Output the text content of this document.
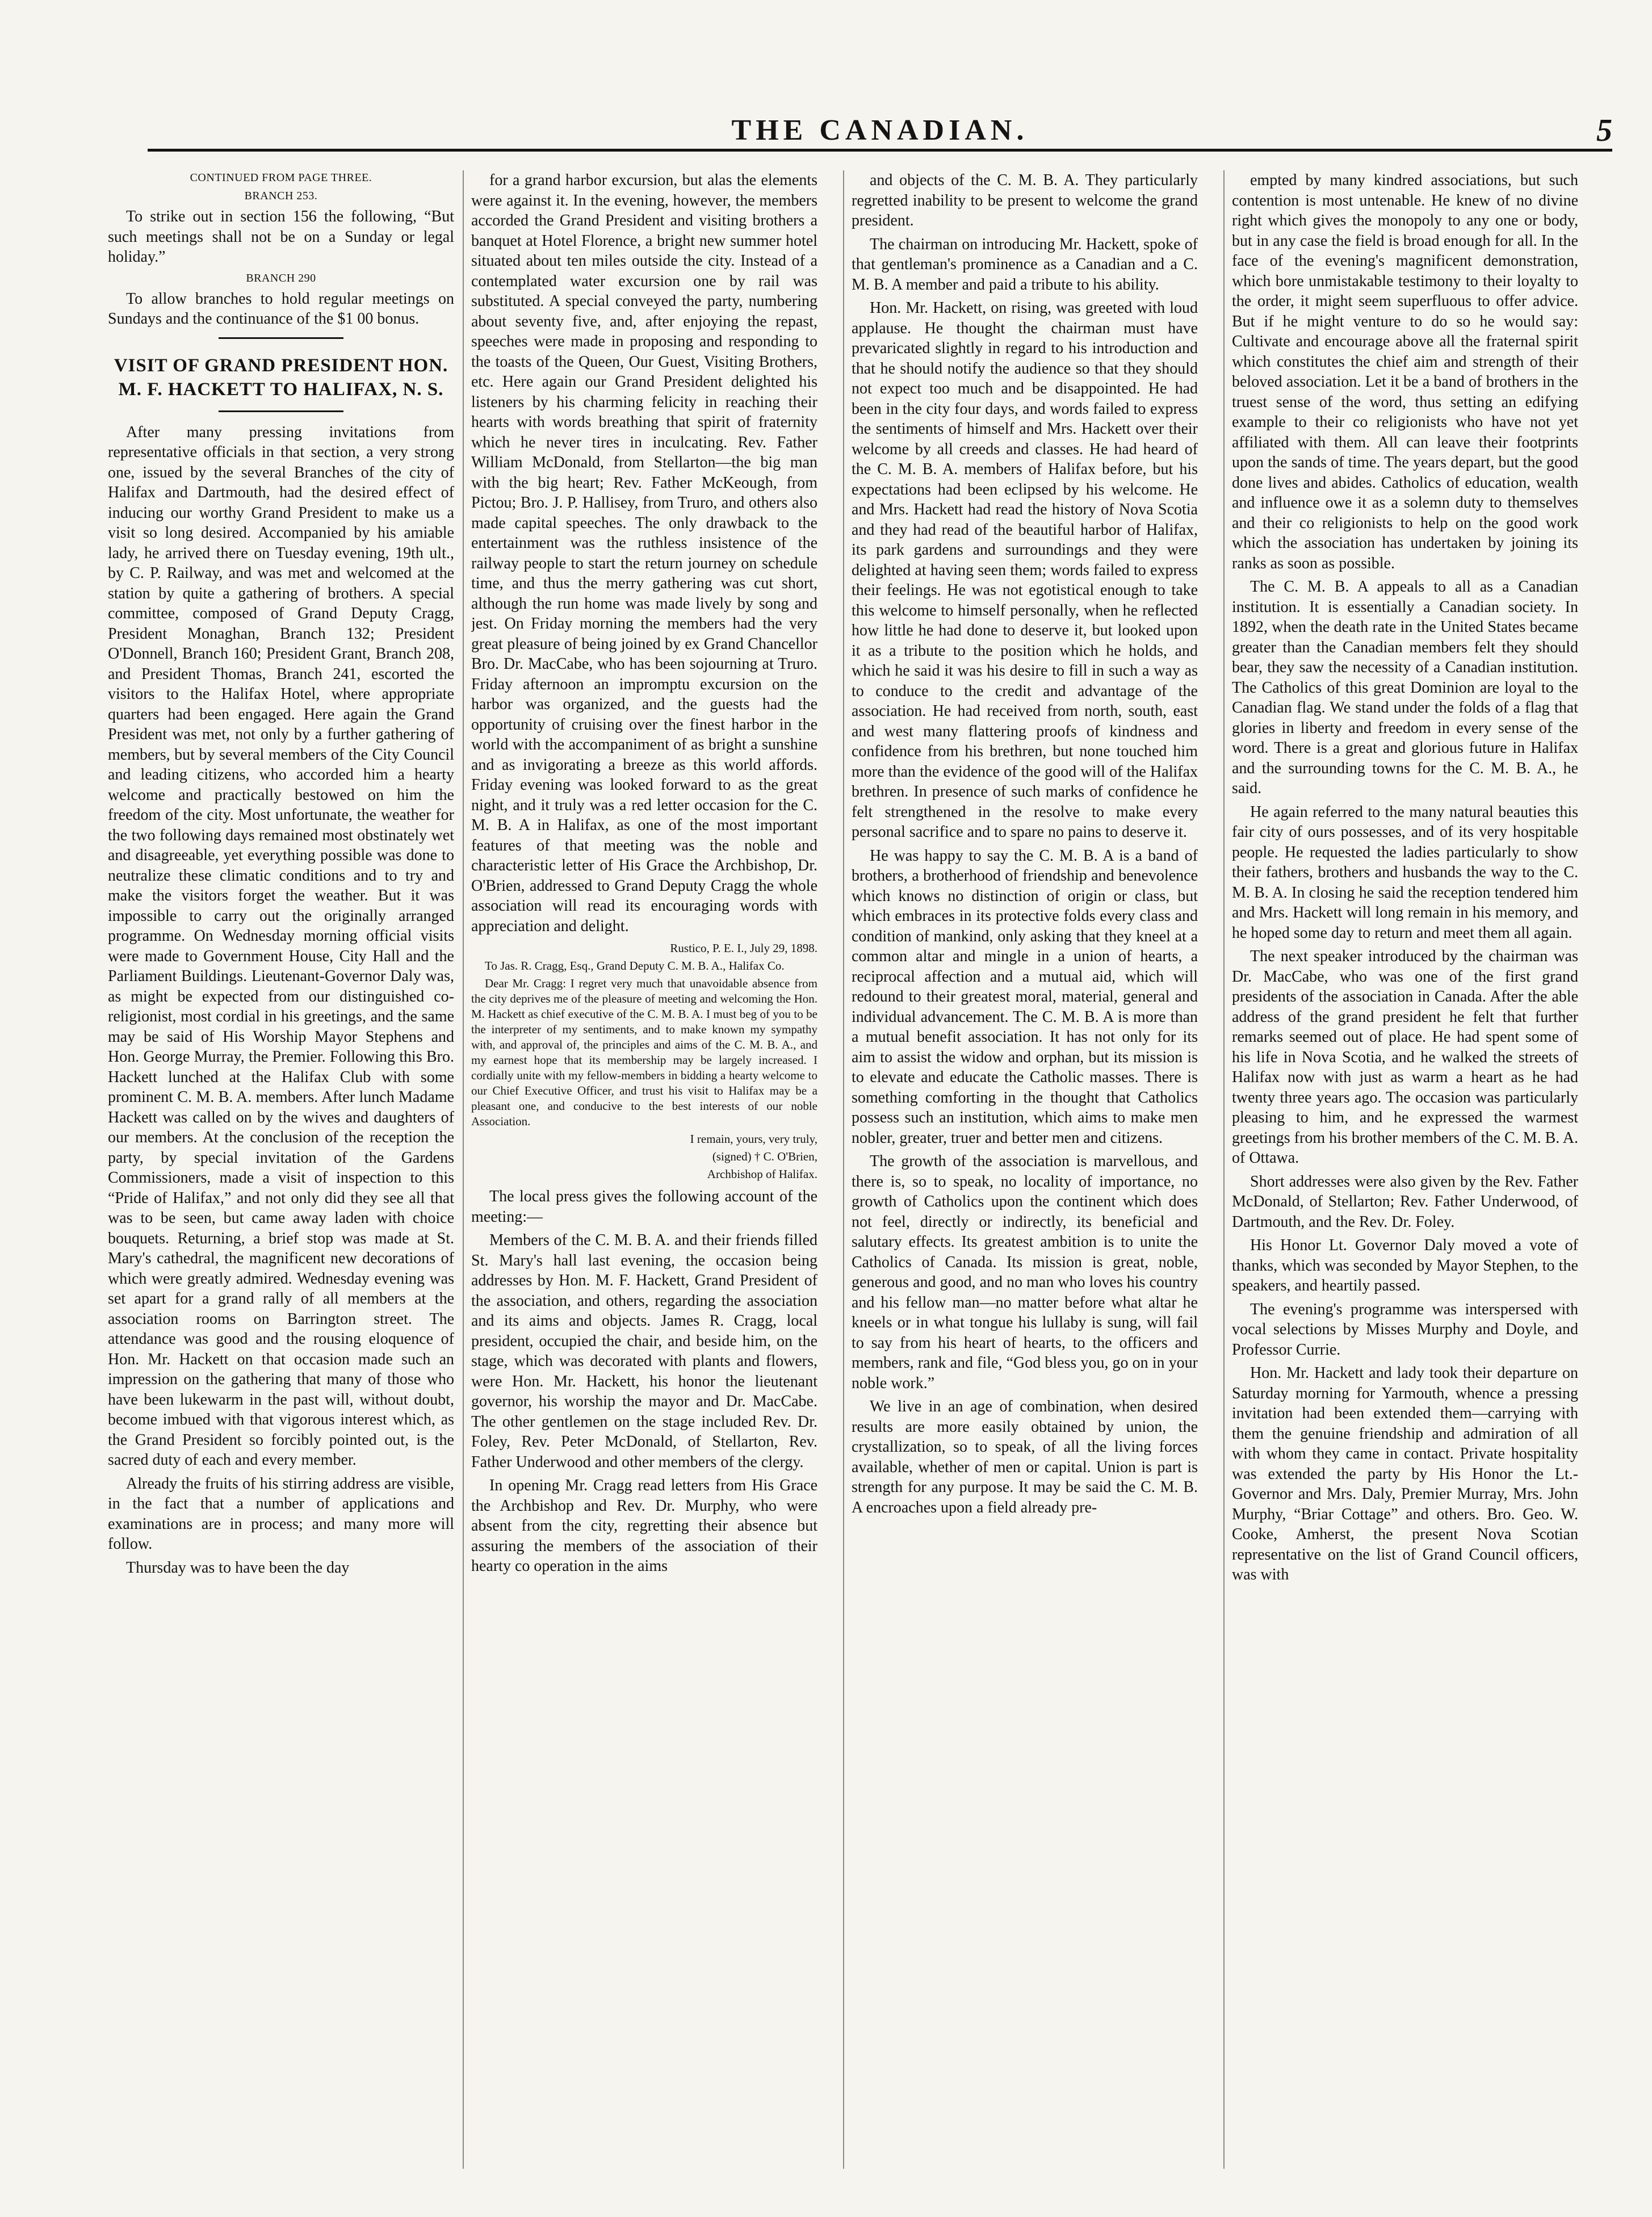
THE CANADIAN.	5

CONTINUED FROM PAGE THREE.

BRANCH 253.

To strike out in section 156 the following, “But such meetings shall not be on a Sunday or legal holiday.”

BRANCH 290

To allow branches to hold regular meetings on Sundays and the continuance of the $1 00 bonus.

VISIT OF GRAND PRESIDENT HON. M. F. HACKETT TO HALIFAX, N. S.

After many pressing invitations from representative officials in that section, a very strong one, issued by the several Branches of the city of Halifax and Dartmouth, had the desired effect of inducing our worthy Grand President to make us a visit so long desired. Accompanied by his amiable lady, he arrived there on Tuesday evening, 19th ult., by C. P. Railway, and was met and welcomed at the station by quite a gathering of brothers. A special committee, composed of Grand Deputy Cragg, President Monaghan, Branch 132; President O'Donnell, Branch 160; President Grant, Branch 208, and President Thomas, Branch 241, escorted the visitors to the Halifax Hotel, where appropriate quarters had been engaged. Here again the Grand President was met, not only by a further gathering of members, but by several members of the City Council and leading citizens, who accorded him a hearty welcome and practically bestowed on him the freedom of the city. Most unfortunate, the weather for the two following days remained most obstinately wet and disagreeable, yet everything possible was done to neutralize these climatic conditions and to try and make the visitors forget the weather. But it was impossible to carry out the originally arranged programme. On Wednesday morning official visits were made to Government House, City Hall and the Parliament Buildings. Lieutenant-Governor Daly was, as might be expected from our distinguished co-religionist, most cordial in his greetings, and the same may be said of His Worship Mayor Stephens and Hon. George Murray, the Premier. Following this Bro. Hackett lunched at the Halifax Club with some prominent C. M. B. A. members. After lunch Madame Hackett was called on by the wives and daughters of our members. At the conclusion of the reception the party, by special invitation of the Gardens Commissioners, made a visit of inspection to this “Pride of Halifax,” and not only did they see all that was to be seen, but came away laden with choice bouquets. Returning, a brief stop was made at St. Mary's cathedral, the magnificent new decorations of which were greatly admired. Wednesday evening was set apart for a grand rally of all members at the association rooms on Barrington street. The attendance was good and the rousing eloquence of Hon. Mr. Hackett on that occasion made such an impression on the gathering that many of those who have been lukewarm in the past will, without doubt, become imbued with that vigorous interest which, as the Grand President so forcibly pointed out, is the sacred duty of each and every member.

Already the fruits of his stirring address are visible, in the fact that a number of applications and examinations are in process; and many more will follow.

Thursday was to have been the day

for a grand harbor excursion, but alas the elements were against it. In the evening, however, the members accorded the Grand President and visiting brothers a banquet at Hotel Florence, a bright new summer hotel situated about ten miles outside the city. Instead of a contemplated water excursion one by rail was substituted. A special conveyed the party, numbering about seventy five, and, after enjoying the repast, speeches were made in proposing and responding to the toasts of the Queen, Our Guest, Visiting Brothers, etc. Here again our Grand President delighted his listeners by his charming felicity in reaching their hearts with words breathing that spirit of fraternity which he never tires in inculcating. Rev. Father William McDonald, from Stellarton—the big man with the big heart; Rev. Father McKeough, from Pictou; Bro. J. P. Hallisey, from Truro, and others also made capital speeches. The only drawback to the entertainment was the ruthless insistence of the railway people to start the return journey on schedule time, and thus the merry gathering was cut short, although the run home was made lively by song and jest. On Friday morning the members had the very great pleasure of being joined by ex Grand Chancellor Bro. Dr. MacCabe, who has been sojourning at Truro. Friday afternoon an impromptu excursion on the harbor was organized, and the guests had the opportunity of cruising over the finest harbor in the world with the accompaniment of as bright a sunshine and as invigorating a breeze as this world affords. Friday evening was looked forward to as the great night, and it truly was a red letter occasion for the C. M. B. A in Halifax, as one of the most important features of that meeting was the noble and characteristic letter of His Grace the Archbishop, Dr. O'Brien, addressed to Grand Deputy Cragg the whole association will read its encouraging words with appreciation and delight.

Rustico, P. E. I., July 29, 1898.

To Jas. R. Cragg, Esq., Grand Deputy C. M. B. A., Halifax Co.

Dear Mr. Cragg: I regret very much that unavoidable absence from the city deprives me of the pleasure of meeting and welcoming the Hon. M. Hackett as chief executive of the C. M. B. A. I must beg of you to be the interpreter of my sentiments, and to make known my sympathy with, and approval of, the principles and aims of the C. M. B. A., and my earnest hope that its membership may be largely increased. I cordially unite with my fellow-members in bidding a hearty welcome to our Chief Executive Officer, and trust his visit to Halifax may be a pleasant one, and conducive to the best interests of our noble Association.

I remain, yours, very truly,

(signed) † C. O'Brien,

Archbishop of Halifax.

The local press gives the following account of the meeting:—

Members of the C. M. B. A. and their friends filled St. Mary's hall last evening, the occasion being addresses by Hon. M. F. Hackett, Grand President of the association, and others, regarding the association and its aims and objects. James R. Cragg, local president, occupied the chair, and beside him, on the stage, which was decorated with plants and flowers, were Hon. Mr. Hackett, his honor the lieutenant governor, his worship the mayor and Dr. MacCabe. The other gentlemen on the stage included Rev. Dr. Foley, Rev. Peter McDonald, of Stellarton, Rev. Father Underwood and other members of the clergy.

In opening Mr. Cragg read letters from His Grace the Archbishop and Rev. Dr. Murphy, who were absent from the city, regretting their absence but assuring the members of the association of their hearty co operation in the aims

and objects of the C. M. B. A. They particularly regretted inability to be present to welcome the grand president.

The chairman on introducing Mr. Hackett, spoke of that gentleman's prominence as a Canadian and a C. M. B. A member and paid a tribute to his ability.

Hon. Mr. Hackett, on rising, was greeted with loud applause. He thought the chairman must have prevaricated slightly in regard to his introduction and that he should notify the audience so that they should not expect too much and be disappointed. He had been in the city four days, and words failed to express the sentiments of himself and Mrs. Hackett over their welcome by all creeds and classes. He had heard of the C. M. B. A. members of Halifax before, but his expectations had been eclipsed by his welcome. He and Mrs. Hackett had read the history of Nova Scotia and they had read of the beautiful harbor of Halifax, its park gardens and surroundings and they were delighted at having seen them; words failed to express their feelings. He was not egotistical enough to take this welcome to himself personally, when he reflected how little he had done to deserve it, but looked upon it as a tribute to the position which he holds, and which he said it was his desire to fill in such a way as to conduce to the credit and advantage of the association. He had received from north, south, east and west many flattering proofs of kindness and confidence from his brethren, but none touched him more than the evidence of the good will of the Halifax brethren. In presence of such marks of confidence he felt strengthened in the resolve to make every personal sacrifice and to spare no pains to deserve it.

He was happy to say the C. M. B. A is a band of brothers, a brotherhood of friendship and benevolence which knows no distinction of origin or class, but which embraces in its protective folds every class and condition of mankind, only asking that they kneel at a common altar and mingle in a union of hearts, a reciprocal affection and a mutual aid, which will redound to their greatest moral, material, general and individual advancement. The C. M. B. A is more than a mutual benefit association. It has not only for its aim to assist the widow and orphan, but its mission is to elevate and educate the Catholic masses. There is something comforting in the thought that Catholics possess such an institution, which aims to make men nobler, greater, truer and better men and citizens.

The growth of the association is marvellous, and there is, so to speak, no locality of importance, no growth of Catholics upon the continent which does not feel, directly or indirectly, its beneficial and salutary effects. Its greatest ambition is to unite the Catholics of Canada. Its mission is great, noble, generous and good, and no man who loves his country and his fellow man—no matter before what altar he kneels or in what tongue his lullaby is sung, will fail to say from his heart of hearts, to the officers and members, rank and file, “God bless you, go on in your noble work.”

We live in an age of combination, when desired results are more easily obtained by union, the crystallization, so to speak, of all the living forces available, whether of men or capital. Union is part is strength for any purpose. It may be said the C. M. B. A encroaches upon a field already pre-

empted by many kindred associations, but such contention is most untenable. He knew of no divine right which gives the monopoly to any one or body, but in any case the field is broad enough for all. In the face of the evening's magnificent demonstration, which bore unmistakable testimony to their loyalty to the order, it might seem superfluous to offer advice. But if he might venture to do so he would say: Cultivate and encourage above all the fraternal spirit which constitutes the chief aim and strength of their beloved association. Let it be a band of brothers in the truest sense of the word, thus setting an edifying example to their co religionists who have not yet affiliated with them. All can leave their footprints upon the sands of time. The years depart, but the good done lives and abides. Catholics of education, wealth and influence owe it as a solemn duty to themselves and their co religionists to help on the good work which the association has undertaken by joining its ranks as soon as possible.

The C. M. B. A appeals to all as a Canadian institution. It is essentially a Canadian society. In 1892, when the death rate in the United States became greater than the Canadian members felt they should bear, they saw the necessity of a Canadian institution. The Catholics of this great Dominion are loyal to the Canadian flag. We stand under the folds of a flag that glories in liberty and freedom in every sense of the word. There is a great and glorious future in Halifax and the surrounding towns for the C. M. B. A., he said.

He again referred to the many natural beauties this fair city of ours possesses, and of its very hospitable people. He requested the ladies particularly to show their fathers, brothers and husbands the way to the C. M. B. A. In closing he said the reception tendered him and Mrs. Hackett will long remain in his memory, and he hoped some day to return and meet them all again.

The next speaker introduced by the chairman was Dr. MacCabe, who was one of the first grand presidents of the association in Canada. After the able address of the grand president he felt that further remarks seemed out of place. He had spent some of his life in Nova Scotia, and he walked the streets of Halifax now with just as warm a heart as he had twenty three years ago. The occasion was particularly pleasing to him, and he expressed the warmest greetings from his brother members of the C. M. B. A. of Ottawa.

Short addresses were also given by the Rev. Father McDonald, of Stellarton; Rev. Father Underwood, of Dartmouth, and the Rev. Dr. Foley.

His Honor Lt. Governor Daly moved a vote of thanks, which was seconded by Mayor Stephen, to the speakers, and heartily passed.

The evening's programme was interspersed with vocal selections by Misses Murphy and Doyle, and Professor Currie.

Hon. Mr. Hackett and lady took their departure on Saturday morning for Yarmouth, whence a pressing invitation had been extended them—carrying with them the genuine friendship and admiration of all with whom they came in contact. Private hospitality was extended the party by His Honor the Lt.-Governor and Mrs. Daly, Premier Murray, Mrs. John Murphy, “Briar Cottage” and others. Bro. Geo. W. Cooke, Amherst, the present Nova Scotian representative on the list of Grand Council officers, was with
